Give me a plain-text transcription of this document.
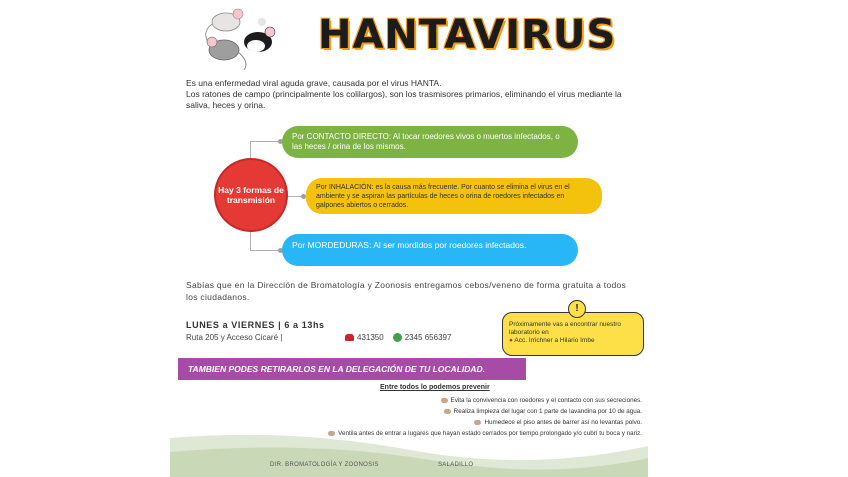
HANTAVIRUS

Es una enfermedad viral aguda grave, causada por el virus HANTA.

Los ratones de campo (principalmente los colilargos), son los trasmisores primarios, eliminando el virus mediante la saliva, heces y orina.

Hay 3 formas de transmisión
Por CONTACTO DIRECTO: Al tocar roedores vivos o muertos infectados, o las heces / orina de los mismos.
Por INHALACIÓN: es la causa más frecuente. Por cuanto se elimina el virus en el ambiente y se aspiran las partículas de heces o orina de roedores infectados en galpones abiertos o cerrados.
Por MORDEDURAS: Al ser mordidos por roedores infectados.
Sabías que en la Dirección de Bromatología y Zoonosis entregamos cebos/veneno de forma gratuita a todos los ciudadanos.
LUNES a VIERNES | 6 a 13hs
Ruta 205 y Acceso Cicaré |	431350	2345 656397
Próximamente vas a encontrar nuestro laboratorio en
● Acc. Irrichner a Hilario Imbe
!
TAMBIEN PODES RETIRARLOS EN LA DELEGACIÓN DE TU LOCALIDAD.
Entre todos lo podemos prevenir
Evita la convivencia con roedores y el contacto con sus secreciones.
Realiza limpieza del lugar con 1 parte de lavandina por 10 de agua.
Humedece el piso antes de barrer así no levantas polvo.
Ventila antes de entrar a lugares que hayan estado cerrados por tiempo prolongado y/o cubrí tu boca y nariz.
DIR. BROMATOLOGÍA Y ZOONOSIS	SALADILLO
